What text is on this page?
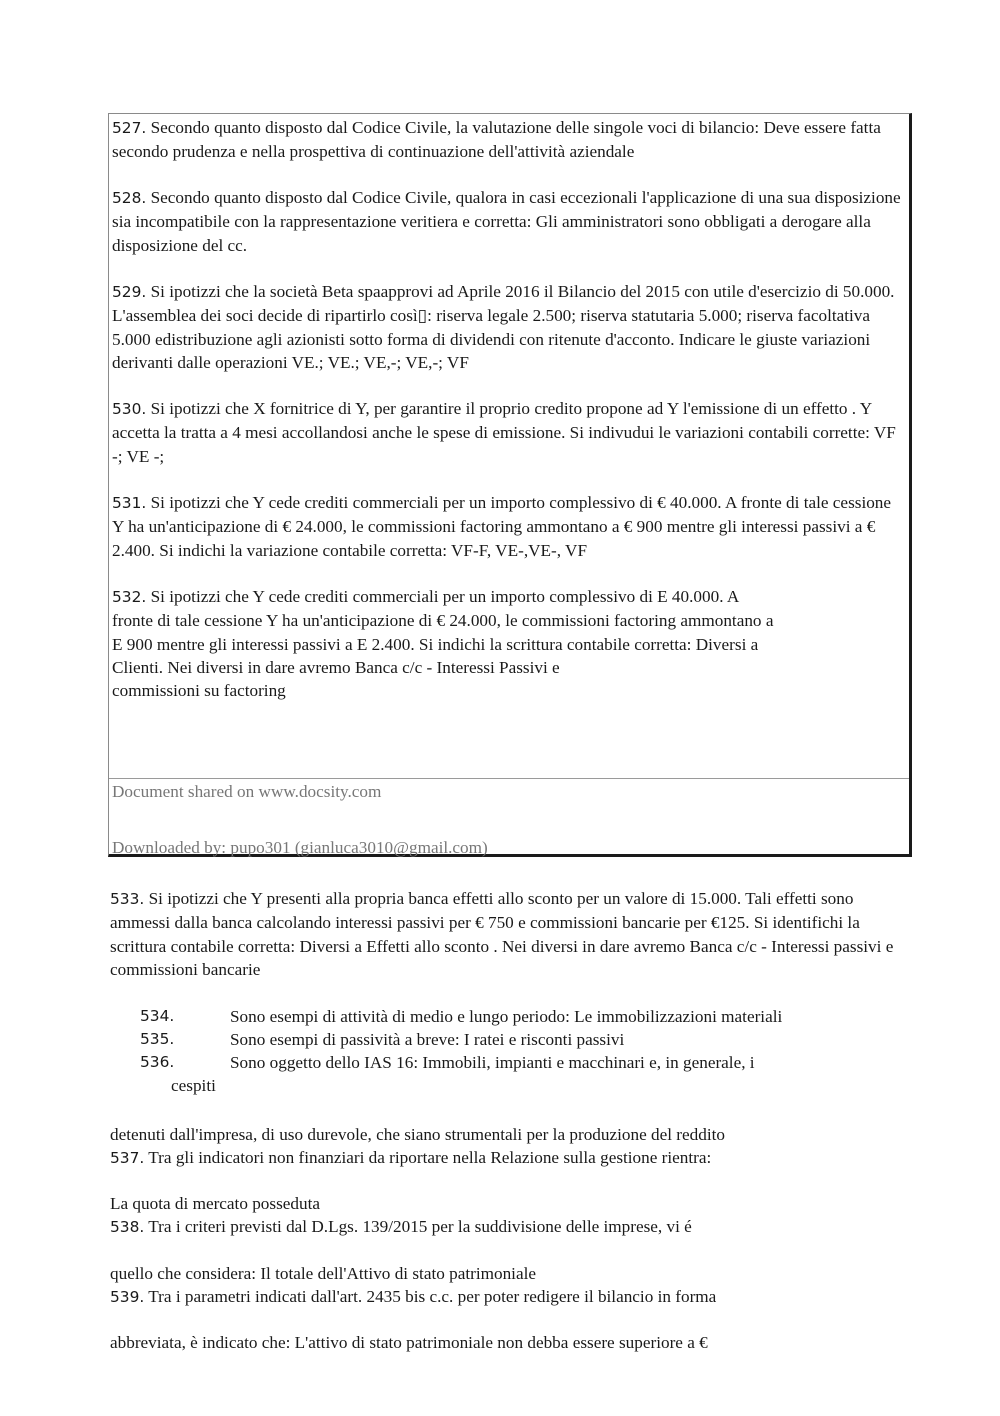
527. Secondo quanto disposto dal Codice Civile, la valutazione delle singole voci di bilancio: Deve essere fatta secondo prudenza e nella prospettiva di continuazione dell'attività aziendale

528. Secondo quanto disposto dal Codice Civile, qualora in casi eccezionali l'applicazione di una sua disposizione sia incompatibile con la rappresentazione veritiera e corretta: Gli amministratori sono obbligati a derogare alla disposizione del cc.

529. Si ipotizzi che la società Beta spaapprovi ad Aprile 2016 il Bilancio del 2015 con utile d'esercizio di 50.000. L'assemblea dei soci decide di ripartirlo così▯: riserva legale 2.500; riserva statutaria 5.000; riserva facoltativa 5.000 edistribuzione agli azionisti sotto forma di dividendi con ritenute d'acconto. Indicare le giuste variazioni derivanti dalle operazioni VE.; VE.; VE,-; VE,-; VF

530. Si ipotizzi che X fornitrice di Y, per garantire il proprio credito propone ad Y l'emissione di un effetto . Y accetta la tratta a 4 mesi accollandosi anche le spese di emissione. Si indivudui le variazioni contabili corrette: VF -; VE -;

531. Si ipotizzi che Y cede crediti commerciali per un importo complessivo di € 40.000. A fronte di tale cessione Y ha un'anticipazione di € 24.000, le commissioni factoring ammontano a € 900 mentre gli interessi passivi a € 2.400. Si indichi la variazione contabile corretta: VF-F, VE-,VE-, VF

532. Si ipotizzi che Y cede crediti commerciali per un importo complessivo di E 40.000. A
fronte di tale cessione Y ha un'anticipazione di € 24.000, le commissioni factoring ammontano a
E 900 mentre gli interessi passivi a E 2.400. Si indichi la scrittura contabile corretta: Diversi a
Clienti. Nei diversi in dare avremo Banca c/c - Interessi Passivi e
commissioni su factoring

Document shared on www.docsity.com

Downloaded by: pupo301 (gianluca3010@gmail.com)

533. Si ipotizzi che Y presenti alla propria banca effetti allo sconto per un valore di 15.000. Tali effetti sono ammessi dalla banca calcolando interessi passivi per € 750 e commissioni bancarie per €125. Si identifichi la scrittura contabile corretta: Diversi a Effetti allo sconto . Nei diversi in dare avremo Banca c/c - Interessi passivi e commissioni bancarie

534.	Sono esempi di attività di medio e lungo periodo: Le immobilizzazioni materiali
535.	Sono esempi di passività a breve: I ratei e risconti passivi
536.	Sono oggetto dello IAS 16: Immobili, impianti e macchinari e, in generale, i
cespiti

detenuti dall'impresa, di uso durevole, che siano strumentali per la produzione del reddito

537. Tra gli indicatori non finanziari da riportare nella Relazione sulla gestione rientra:

La quota di mercato posseduta

538. Tra i criteri previsti dal D.Lgs. 139/2015 per la suddivisione delle imprese, vi é

quello che considera: Il totale dell'Attivo di stato patrimoniale

539. Tra i parametri indicati dall'art. 2435 bis c.c. per poter redigere il bilancio in forma

abbreviata, è indicato che: L'attivo di stato patrimoniale non debba essere superiore a €
